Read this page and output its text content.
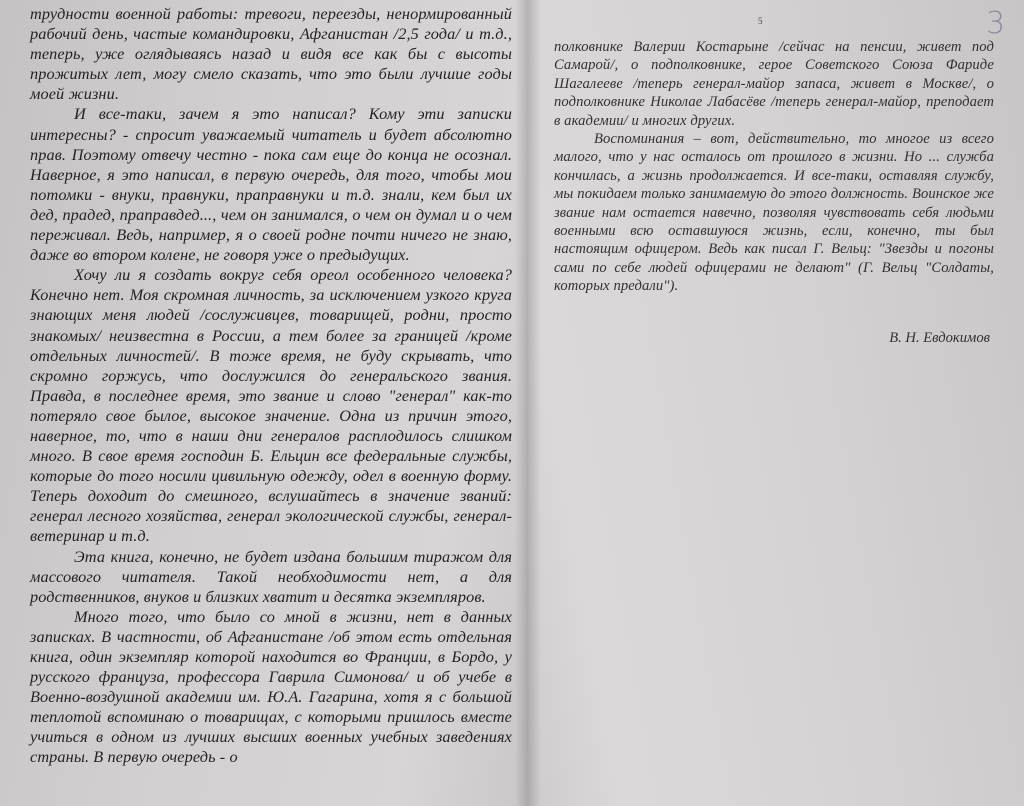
трудности военной работы: тревоги, переезды, ненормированный рабочий день, частые командировки, Афганистан /2,5 года/ и т.д., теперь, уже оглядываясь назад и видя все как бы с высоты прожитых лет, могу смело сказать, что это были лучшие годы моей жизни.

И все-таки, зачем я это написал? Кому эти записки интересны? - спросит уважаемый читатель и будет абсолютно прав. Поэтому отвечу честно - пока сам еще до конца не осознал. Наверное, я это написал, в первую очередь, для того, чтобы мои потомки - внуки, правнуки, праправнуки и т.д. знали, кем был их дед, прадед, праправдед..., чем он занимался, о чем он думал и о чем переживал. Ведь, например, я о своей родне почти ничего не знаю, даже во втором колене, не говоря уже о предыдущих.

Хочу ли я создать вокруг себя ореол особенного человека? Конечно нет. Моя скромная личность, за исключением узкого круга знающих меня людей /сослуживцев, товарищей, родни, просто знакомых/ неизвестна в России, а тем более за границей /кроме отдельных личностей/. В тоже время, не буду скрывать, что скромно горжусь, что дослужился до генеральского звания. Правда, в последнее время, это звание и слово "генерал" как-то потеряло свое былое, высокое значение. Одна из причин этого, наверное, то, что в наши дни генералов расплодилось слишком много. В свое время господин Б. Ельцин все федеральные службы, которые до того носили цивильную одежду, одел в военную форму. Теперь доходит до смешного, вслушайтесь в значение званий: генерал лесного хозяйства, генерал экологической службы, генерал-ветеринар и т.д.

Эта книга, конечно, не будет издана большим тиражом для массового читателя. Такой необходимости нет, а для родственников, внуков и близких хватит и десятка экземпляров.

Много того, что было со мной в жизни, нет в данных записках. В частности, об Афганистане /об этом есть отдельная книга, один экземпляр которой находится во Франции, в Бордо, у русского француза, профессора Гаврила Симонова/ и об учебе в Военно-воздушной академии им. Ю.А. Гагарина, хотя я с большой теплотой вспоминаю о товарищах, с которыми пришлось вместе учиться в одном из лучших высших военных учебных заведениях страны. В первую очередь - о

5	3

полковнике Валерии Костарыне /сейчас на пенсии, живет под Самарой/, о подполковнике, герое Советского Союза Фариде Шагалееве /теперь генерал-майор запаса, живет в Москве/, о подполковнике Николае Лабасёве /теперь генерал-майор, преподает в академии/ и многих других.

Воспоминания – вот, действительно, то многое из всего малого, что у нас осталось от прошлого в жизни. Но ... служба кончилась, а жизнь продолжается. И все-таки, оставляя службу, мы покидаем только занимаемую до этого должность. Воинское же звание нам остается навечно, позволяя чувствовать себя людьми военными всю оставшуюся жизнь, если, конечно, ты был настоящим офицером. Ведь как писал Г. Вельц: "Звезды и погоны сами по себе людей офицерами не делают" (Г. Вельц "Солдаты, которых предали").

В. Н. Евдокимов
